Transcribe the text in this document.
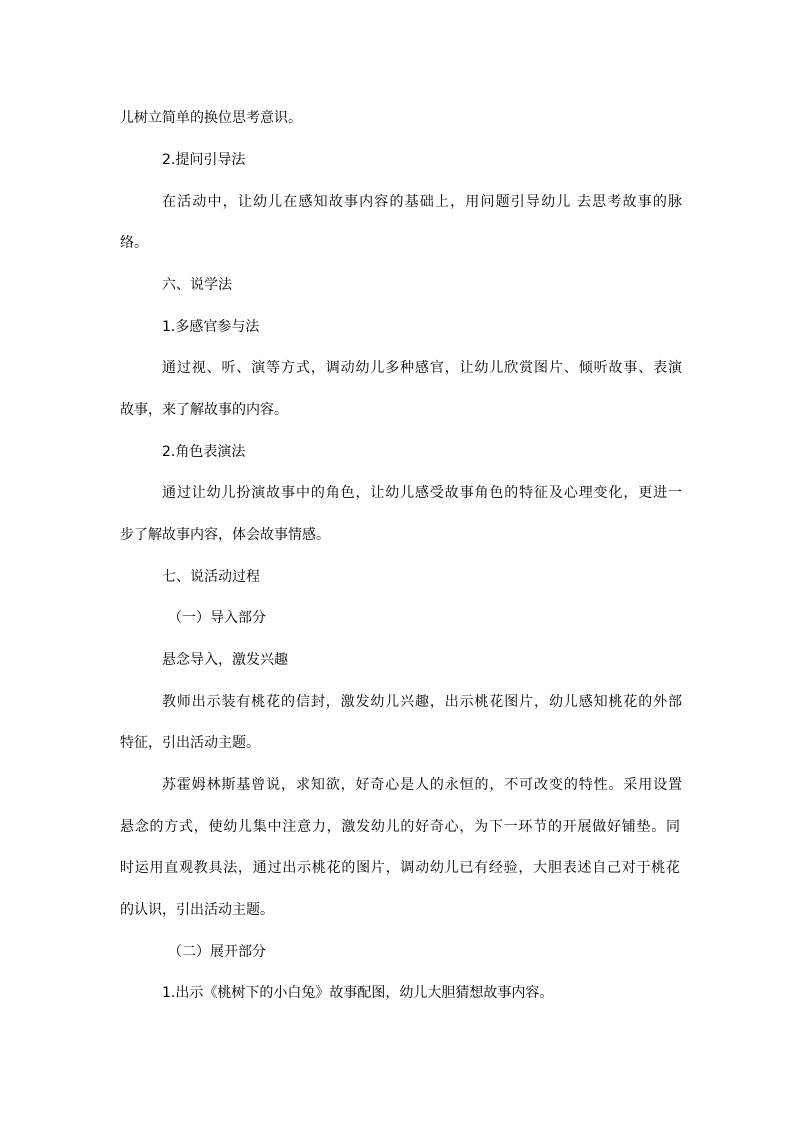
儿树立简单的换位思考意识。
2.提问引导法
在活动中，让幼儿在感知故事内容的基础上，用问题引导幼儿 去思考故事的脉
络。
六、说学法
1.多感官参与法
通过视、听、演等方式，调动幼儿多种感官，让幼儿欣赏图片、倾听故事、表演
故事，来了解故事的内容。
2.角色表演法
通过让幼儿扮演故事中的角色，让幼儿感受故事角色的特征及心理变化，更进一
步了解故事内容，体会故事情感。
七、说活动过程
（一）导入部分
悬念导入，激发兴趣
教师出示装有桃花的信封，激发幼儿兴趣，出示桃花图片，幼儿感知桃花的外部
特征，引出活动主题。
苏霍姆林斯基曾说，求知欲，好奇心是人的永恒的，不可改变的特性。采用设置
悬念的方式，使幼儿集中注意力，激发幼儿的好奇心，为下一环节的开展做好铺垫。同
时运用直观教具法，通过出示桃花的图片，调动幼儿已有经验，大胆表述自己对于桃花
的认识，引出活动主题。
（二）展开部分
1.出示《桃树下的小白兔》故事配图，幼儿大胆猜想故事内容。
